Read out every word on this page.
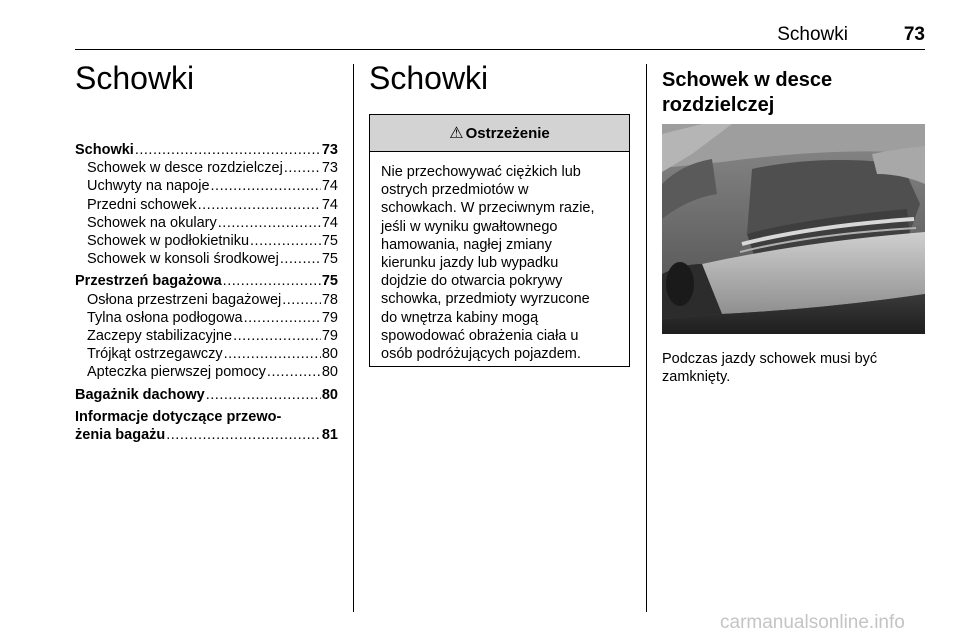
Schowki	73
Schowki
Schowki .....	73
Schowek w desce rozdzielczej .....	73
Uchwyty na napoje .....	74
Przedni schowek .....	74
Schowek na okulary .....	74
Schowek w podłokietniku .....	75
Schowek w konsoli środkowej .....	75
Przestrzeń bagażowa .....	75
Osłona przestrzeni bagażowej .....	78
Tylna osłona podłogowa .....	79
Zaczepy stabilizacyjne .....	79
Trójkąt ostrzegawczy .....	80
Apteczka pierwszej pomocy .....	80
Bagażnik dachowy .....	80
Informacje dotyczące przewo-
żenia bagażu .....	81
Schowki
⚠ Ostrzeżenie
Nie przechowywać ciężkich lub
ostrych przedmiotów w
schowkach. W przeciwnym razie,
jeśli w wyniku gwałtownego
hamowania, nagłej zmiany
kierunku jazdy lub wypadku
dojdzie do otwarcia pokrywy
schowka, przedmioty wyrzucone
do wnętrza kabiny mogą
spowodować obrażenia ciała u
osób podróżujących pojazdem.
Schowek w desce
rozdzielczej
Podczas jazdy schowek musi być
zamknięty.
carmanualsonline.info
